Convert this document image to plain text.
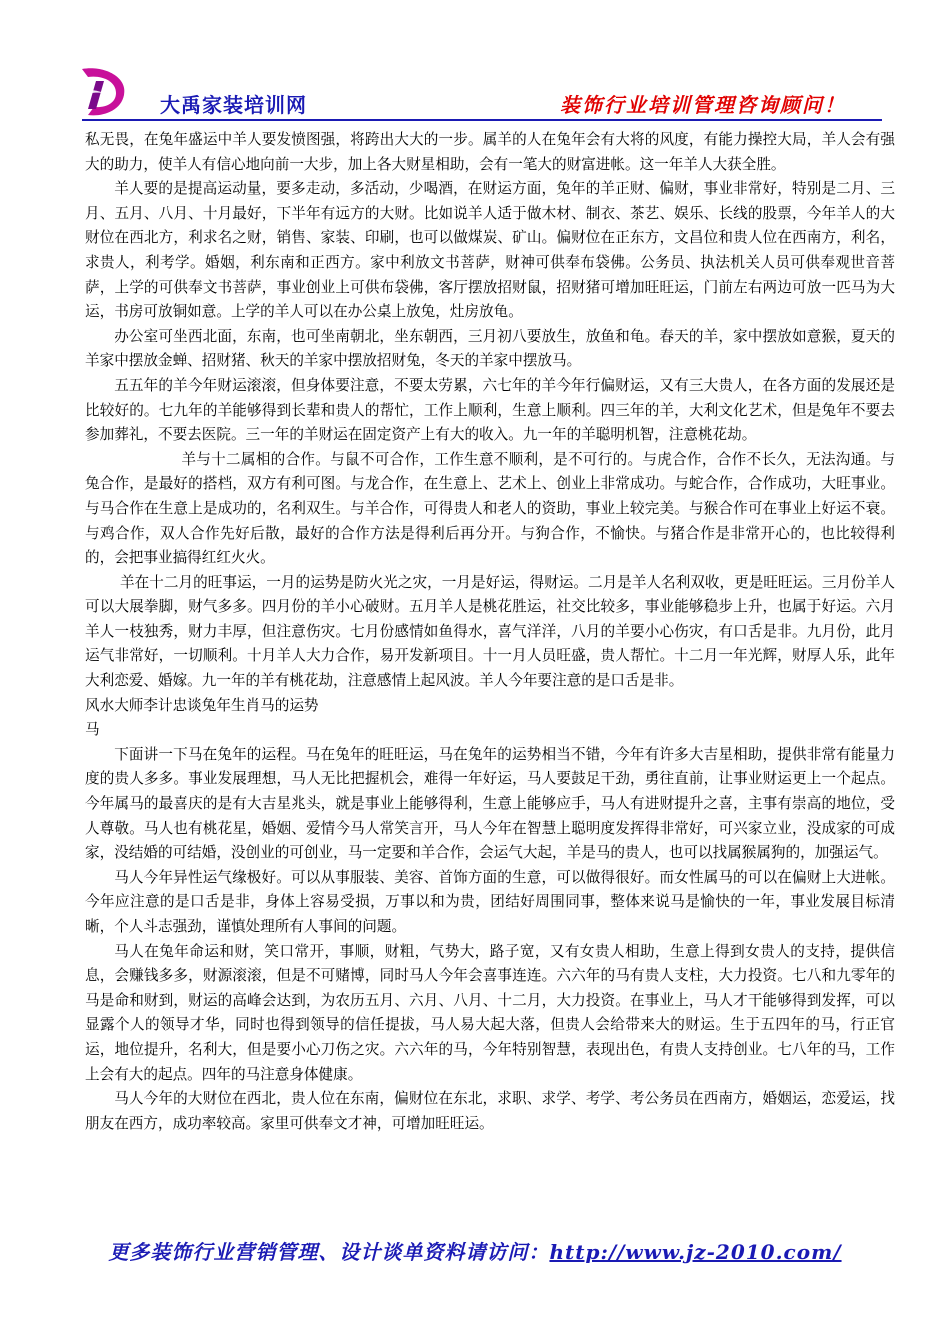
大禹家装培训网	装饰行业培训管理咨询顾问！

私无畏，在兔年盛运中羊人要发愤图强，将跨出大大的一步。属羊的人在兔年会有大将的风度，有能力操控大局，羊人会有强大的助力，使羊人有信心地向前一大步，加上各大财星相助，会有一笔大的财富进帐。这一年羊人大获全胜。

羊人要的是提高运动量，要多走动，多活动，少喝酒，在财运方面，兔年的羊正财、偏财，事业非常好，特别是二月、三月、五月、八月、十月最好，下半年有远方的大财。比如说羊人适于做木材、制衣、茶艺、娱乐、长线的股票，今年羊人的大财位在西北方，利求名之财，销售、家装、印刷，也可以做煤炭、矿山。偏财位在正东方，文昌位和贵人位在西南方，利名，求贵人，利考学。婚姻，利东南和正西方。家中利放文书菩萨，财神可供奉布袋佛。公务员、执法机关人员可供奉观世音菩萨，上学的可供奉文书菩萨，事业创业上可供布袋佛，客厅摆放招财鼠，招财猪可增加旺旺运，门前左右两边可放一匹马为大运，书房可放铜如意。上学的羊人可以在办公桌上放兔，灶房放龟。

办公室可坐西北面，东南，也可坐南朝北，坐东朝西，三月初八要放生，放鱼和龟。春天的羊，家中摆放如意猴，夏天的羊家中摆放金蝉、招财猪、秋天的羊家中摆放招财兔，冬天的羊家中摆放马。

五五年的羊今年财运滚滚，但身体要注意，不要太劳累，六七年的羊今年行偏财运，又有三大贵人，在各方面的发展还是比较好的。七九年的羊能够得到长辈和贵人的帮忙，工作上顺利，生意上顺利。四三年的羊，大利文化艺术，但是兔年不要去参加葬礼，不要去医院。三一年的羊财运在固定资产上有大的收入。九一年的羊聪明机智，注意桃花劫。

羊与十二属相的合作。与鼠不可合作，工作生意不顺利，是不可行的。与虎合作，合作不长久，无法沟通。与兔合作，是最好的搭档，双方有利可图。与龙合作，在生意上、艺术上、创业上非常成功。与蛇合作，合作成功，大旺事业。与马合作在生意上是成功的，名利双生。与羊合作，可得贵人和老人的资助，事业上较完美。与猴合作可在事业上好运不衰。与鸡合作，双人合作先好后散，最好的合作方法是得利后再分开。与狗合作，不愉快。与猪合作是非常开心的，也比较得利的，会把事业搞得红红火火。

羊在十二月的旺事运，一月的运势是防火光之灾，一月是好运，得财运。二月是羊人名利双收，更是旺旺运。三月份羊人可以大展拳脚，财气多多。四月份的羊小心破财。五月羊人是桃花胜运，社交比较多，事业能够稳步上升，也属于好运。六月羊人一枝独秀，财力丰厚，但注意伤灾。七月份感情如鱼得水，喜气洋洋，八月的羊要小心伤灾，有口舌是非。九月份，此月运气非常好，一切顺利。十月羊人大力合作，易开发新项目。十一月人员旺盛，贵人帮忙。十二月一年光辉，财厚人乐，此年大利恋爱、婚嫁。九一年的羊有桃花劫，注意感情上起风波。羊人今年要注意的是口舌是非。

风水大师李计忠谈兔年生肖马的运势

马

下面讲一下马在兔年的运程。马在兔年的旺旺运，马在兔年的运势相当不错，今年有许多大吉星相助，提供非常有能量力度的贵人多多。事业发展理想，马人无比把握机会，难得一年好运，马人要鼓足干劲，勇往直前，让事业财运更上一个起点。今年属马的最喜庆的是有大吉星兆头，就是事业上能够得利，生意上能够应手，马人有进财提升之喜，主事有崇高的地位，受人尊敬。马人也有桃花星，婚姻、爱情今马人常笑言开，马人今年在智慧上聪明度发挥得非常好，可兴家立业，没成家的可成家，没结婚的可结婚，没创业的可创业，马一定要和羊合作，会运气大起，羊是马的贵人，也可以找属猴属狗的，加强运气。

马人今年异性运气缘极好。可以从事服装、美容、首饰方面的生意，可以做得很好。而女性属马的可以在偏财上大进帐。今年应注意的是口舌是非，身体上容易受损，万事以和为贵，团结好周围同事，整体来说马是愉快的一年，事业发展目标清晰，个人斗志强劲，谨慎处理所有人事间的问题。

马人在兔年命运和财，笑口常开，事顺，财粗，气势大，路子宽，又有女贵人相助，生意上得到女贵人的支持，提供信息，会赚钱多多，财源滚滚，但是不可赌博，同时马人今年会喜事连连。六六年的马有贵人支柱，大力投资。七八和九零年的马是命和财到，财运的高峰会达到，为农历五月、六月、八月、十二月，大力投资。在事业上，马人才干能够得到发挥，可以显露个人的领导才华，同时也得到领导的信任提拔，马人易大起大落，但贵人会给带来大的财运。生于五四年的马，行正官运，地位提升，名利大，但是要小心刀伤之灾。六六年的马，今年特别智慧，表现出色，有贵人支持创业。七八年的马，工作上会有大的起点。四年的马注意身体健康。

马人今年的大财位在西北，贵人位在东南，偏财位在东北，求职、求学、考学、考公务员在西南方，婚姻运，恋爱运，找朋友在西方，成功率较高。家里可供奉文才神，可增加旺旺运。

更多装饰行业营销管理、设计谈单资料请访问：http://www.jz-2010.com/
